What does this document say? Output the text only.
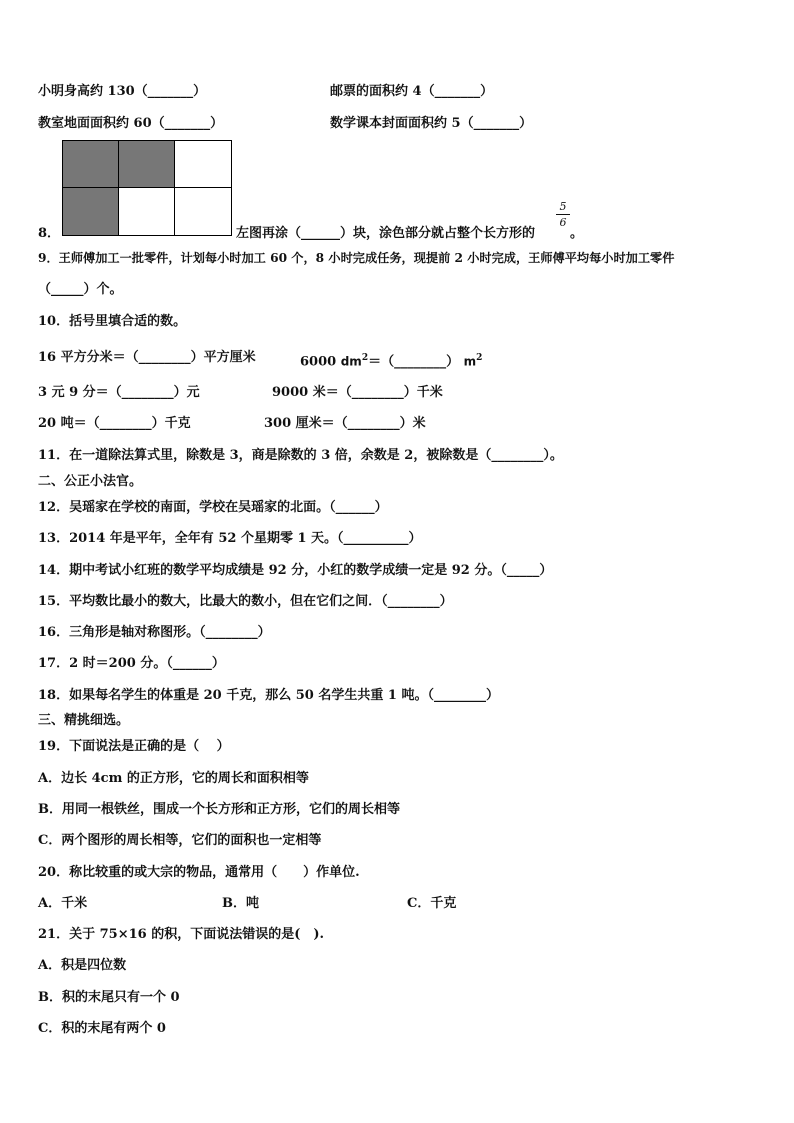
小明身高约 130（_______）	邮票的面积约 4（_______）
教室地面面积约 60（_______）	数学课本封面面积约 5（_______）
8．	左图再涂（______）块，涂色部分就占整个长方形的
5
6
。
9．王师傅加工一批零件，计划每小时加工 60 个，8 小时完成任务，现提前 2 小时完成，王师傅平均每小时加工零件
（_____）个。
10．括号里填合适的数。
16 平方分米＝（________）平方厘米	6000 $dm^2=(\_\_\_\_\_\_\_\_)$ $m^2$
3 元 9 分＝（________）元	9000 米＝（________）千米
20 吨＝（________）千克	300 厘米＝（________）米
11．在一道除法算式里，除数是 3，商是除数的 3 倍，余数是 2，被除数是（________）。
二、公正小法官。
12．吴瑶家在学校的南面，学校在吴瑶家的北面。（______）
13．2014 年是平年，全年有 52 个星期零 1 天。（__________）
14．期中考试小红班的数学平均成绩是 92 分，小红的数学成绩一定是 92 分。（_____）
15．平均数比最小的数大，比最大的数小，但在它们之间．（________）
16．三角形是轴对称图形。（________）
17．2 时＝200 分。（______）
18．如果每名学生的体重是 20 千克，那么 50 名学生共重 1 吨。（________）
三、精挑细选。
19．下面说法是正确的是（　 ）
A．边长 4cm 的正方形，它的周长和面积相等
B．用同一根铁丝，围成一个长方形和正方形，它们的周长相等
C．两个图形的周长相等，它们的面积也一定相等
20．称比较重的或大宗的物品，通常用（　　）作单位.
A．千米	B．吨	C．千克
21．关于 75×16 的积，下面说法错误的是(　).
A．积是四位数
B．积的末尾只有一个 0
C．积的末尾有两个 0
